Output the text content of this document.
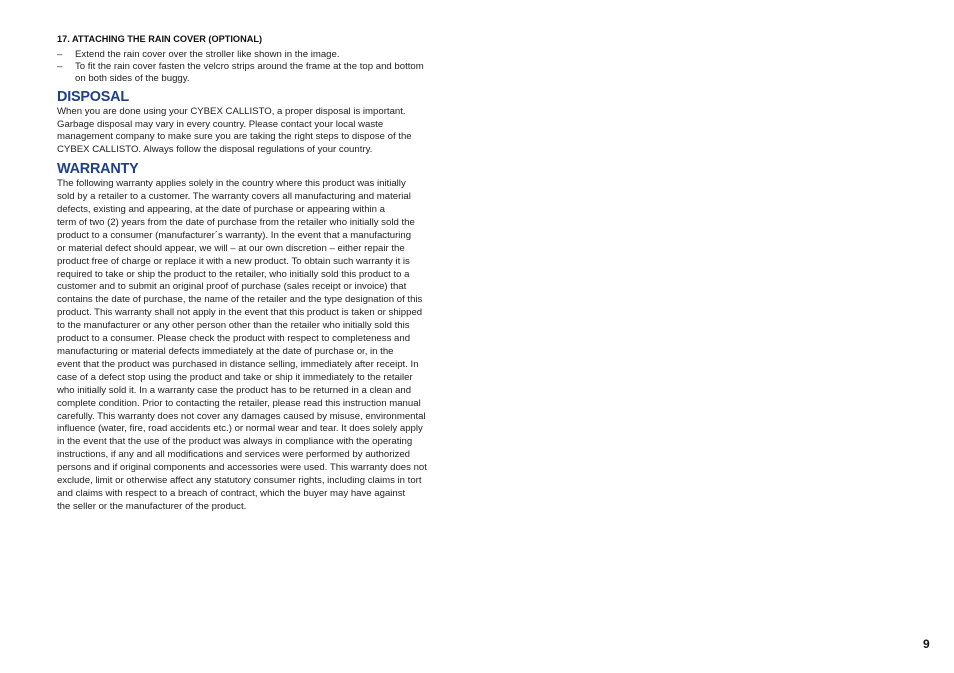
17. ATTACHING THE RAIN COVER (OPTIONAL)
– Extend the rain cover over the stroller like shown in the image.
– To fit the rain cover fasten the velcro strips around the frame at the top and bottom
on both sides of the buggy.
DISPOSAL
When you are done using your CYBEX CALLISTO, a proper disposal is important.
Garbage disposal may vary in every country. Please contact your local waste
management company to make sure you are taking the right steps to dispose of the
CYBEX CALLISTO. Always follow the disposal regulations of your country.
WARRANTY
The following warranty applies solely in the country where this product was initially
sold by a retailer to a customer. The warranty covers all manufacturing and material
defects, existing and appearing, at the date of purchase or appearing within a
term of two (2) years from the date of purchase from the retailer who initially sold the
product to a consumer (manufacturer´s warranty). In the event that a manufacturing
or material defect should appear, we will – at our own discretion – either repair the
product free of charge or replace it with a new product. To obtain such warranty it is
required to take or ship the product to the retailer, who initially sold this product to a
customer and to submit an original proof of purchase (sales receipt or invoice) that
contains the date of purchase, the name of the retailer and the type designation of this
product. This warranty shall not apply in the event that this product is taken or shipped
to the manufacturer or any other person other than the retailer who initially sold this
product to a consumer. Please check the product with respect to completeness and
manufacturing or material defects immediately at the date of purchase or, in the
event that the product was purchased in distance selling, immediately after receipt. In
case of a defect stop using the product and take or ship it immediately to the retailer
who initially sold it. In a warranty case the product has to be returned in a clean and
complete condition. Prior to contacting the retailer, please read this instruction manual
carefully. This warranty does not cover any damages caused by misuse, environmental
influence (water, fire, road accidents etc.) or normal wear and tear. It does solely apply
in the event that the use of the product was always in compliance with the operating
instructions, if any and all modifications and services were performed by authorized
persons and if original components and accessories were used. This warranty does not
exclude, limit or otherwise affect any statutory consumer rights, including claims in tort
and claims with respect to a breach of contract, which the buyer may have against
the seller or the manufacturer of the product.
9
